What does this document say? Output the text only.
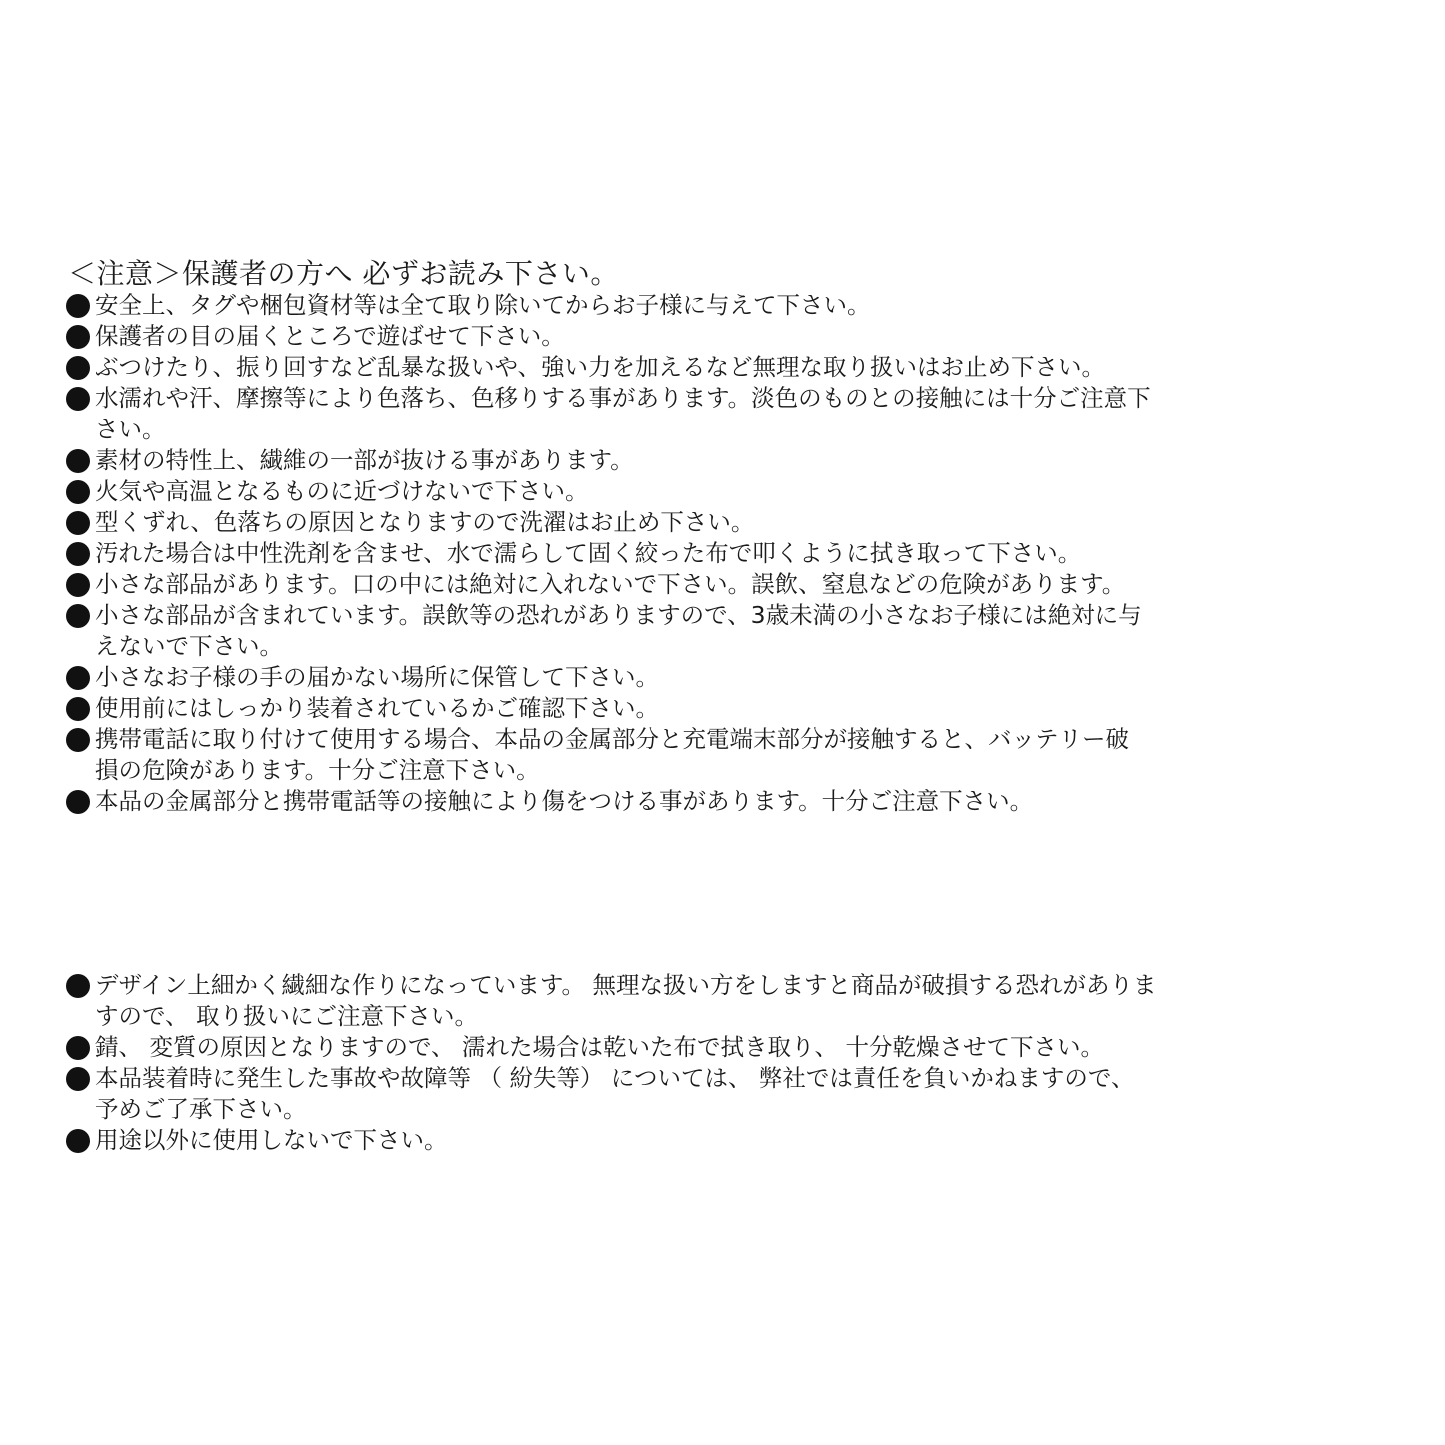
＜注意＞保護者の方へ 必ずお読み下さい。
安全上、タグや梱包資材等は全て取り除いてからお子様に与えて下さい。
保護者の目の届くところで遊ばせて下さい。
ぶつけたり、振り回すなど乱暴な扱いや、強い力を加えるなど無理な取り扱いはお止め下さい。
水濡れや汗、摩擦等により色落ち、色移りする事があります。淡色のものとの接触には十分ご注意下
さい。
素材の特性上、繊維の一部が抜ける事があります。
火気や高温となるものに近づけないで下さい。
型くずれ、色落ちの原因となりますので洗濯はお止め下さい。
汚れた場合は中性洗剤を含ませ、水で濡らして固く絞った布で叩くように拭き取って下さい。
小さな部品があります。口の中には絶対に入れないで下さい。誤飲、窒息などの危険があります。
小さな部品が含まれています。誤飲等の恐れがありますので、3歳未満の小さなお子様には絶対に与
えないで下さい。
小さなお子様の手の届かない場所に保管して下さい。
使用前にはしっかり装着されているかご確認下さい。
携帯電話に取り付けて使用する場合、本品の金属部分と充電端末部分が接触すると、バッテリー破
損の危険があります。十分ご注意下さい。
本品の金属部分と携帯電話等の接触により傷をつける事があります。十分ご注意下さい。
デザイン上細かく繊細な作りになっています。 無理な扱い方をしますと商品が破損する恐れがありま
すので、 取り扱いにご注意下さい。
錆、 変質の原因となりますので、 濡れた場合は乾いた布で拭き取り、 十分乾燥させて下さい。
本品装着時に発生した事故や故障等 （ 紛失等） については、 弊社では責任を負いかねますので、
予めご了承下さい。
用途以外に使用しないで下さい。
